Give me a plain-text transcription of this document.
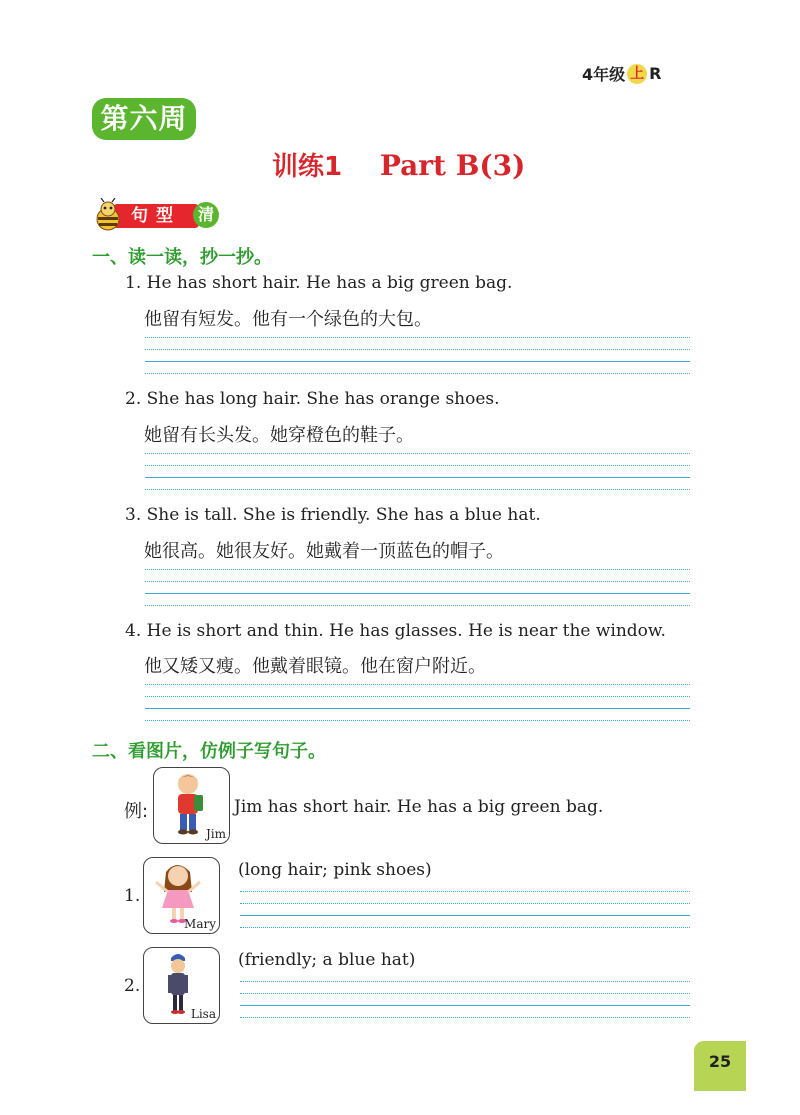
4年级 上 R
第六周
训练1 Part B(3)
句型	清
一、读一读，抄一抄。
1. He has short hair. He has a big green bag.
他留有短发。他有一个绿色的大包。
2. She has long hair. She has orange shoes.
她留有长头发。她穿橙色的鞋子。
3. She is tall. She is friendly. She has a blue hat.
她很高。她很友好。她戴着一顶蓝色的帽子。
4. He is short and thin. He has glasses. He is near the window.
他又矮又瘦。他戴着眼镜。他在窗户附近。
二、看图片，仿例子写句子。
例:
Jim
Jim has short hair. He has a big green bag.
1.
Mary
(long hair; pink shoes)
2.
Lisa
(friendly; a blue hat)
25
